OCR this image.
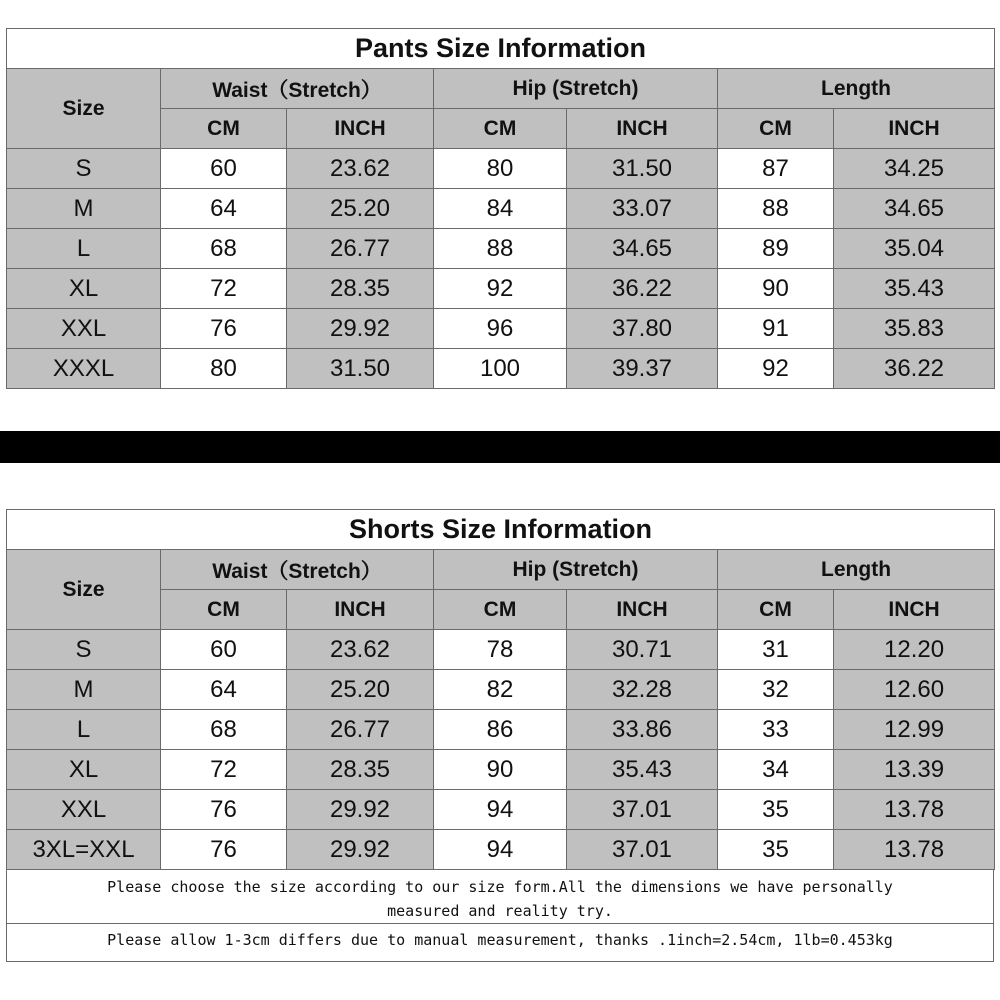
Pants Size Information						
Size	Waist（Stretch）		Hip (Stretch)		Length	
	CM	INCH	CM	INCH	CM	INCH
S	60	23.62	80	31.50	87	34.25
M	64	25.20	84	33.07	88	34.65
L	68	26.77	88	34.65	89	35.04
XL	72	28.35	92	36.22	90	35.43
XXL	76	29.92	96	37.80	91	35.83
XXXL	80	31.50	100	39.37	92	36.22
Shorts Size Information						
Size	Waist（Stretch）		Hip (Stretch)		Length	
	CM	INCH	CM	INCH	CM	INCH
S	60	23.62	78	30.71	31	12.20
M	64	25.20	82	32.28	32	12.60
L	68	26.77	86	33.86	33	12.99
XL	72	28.35	90	35.43	34	13.39
XXL	76	29.92	94	37.01	35	13.78
3XL=XXL	76	29.92	94	37.01	35	13.78
Please choose the size according to our size form.All the dimensions we have personally
measured and reality try.
Please allow 1-3cm differs due to manual measurement, thanks .1inch=2.54cm, 1lb=0.453kg
